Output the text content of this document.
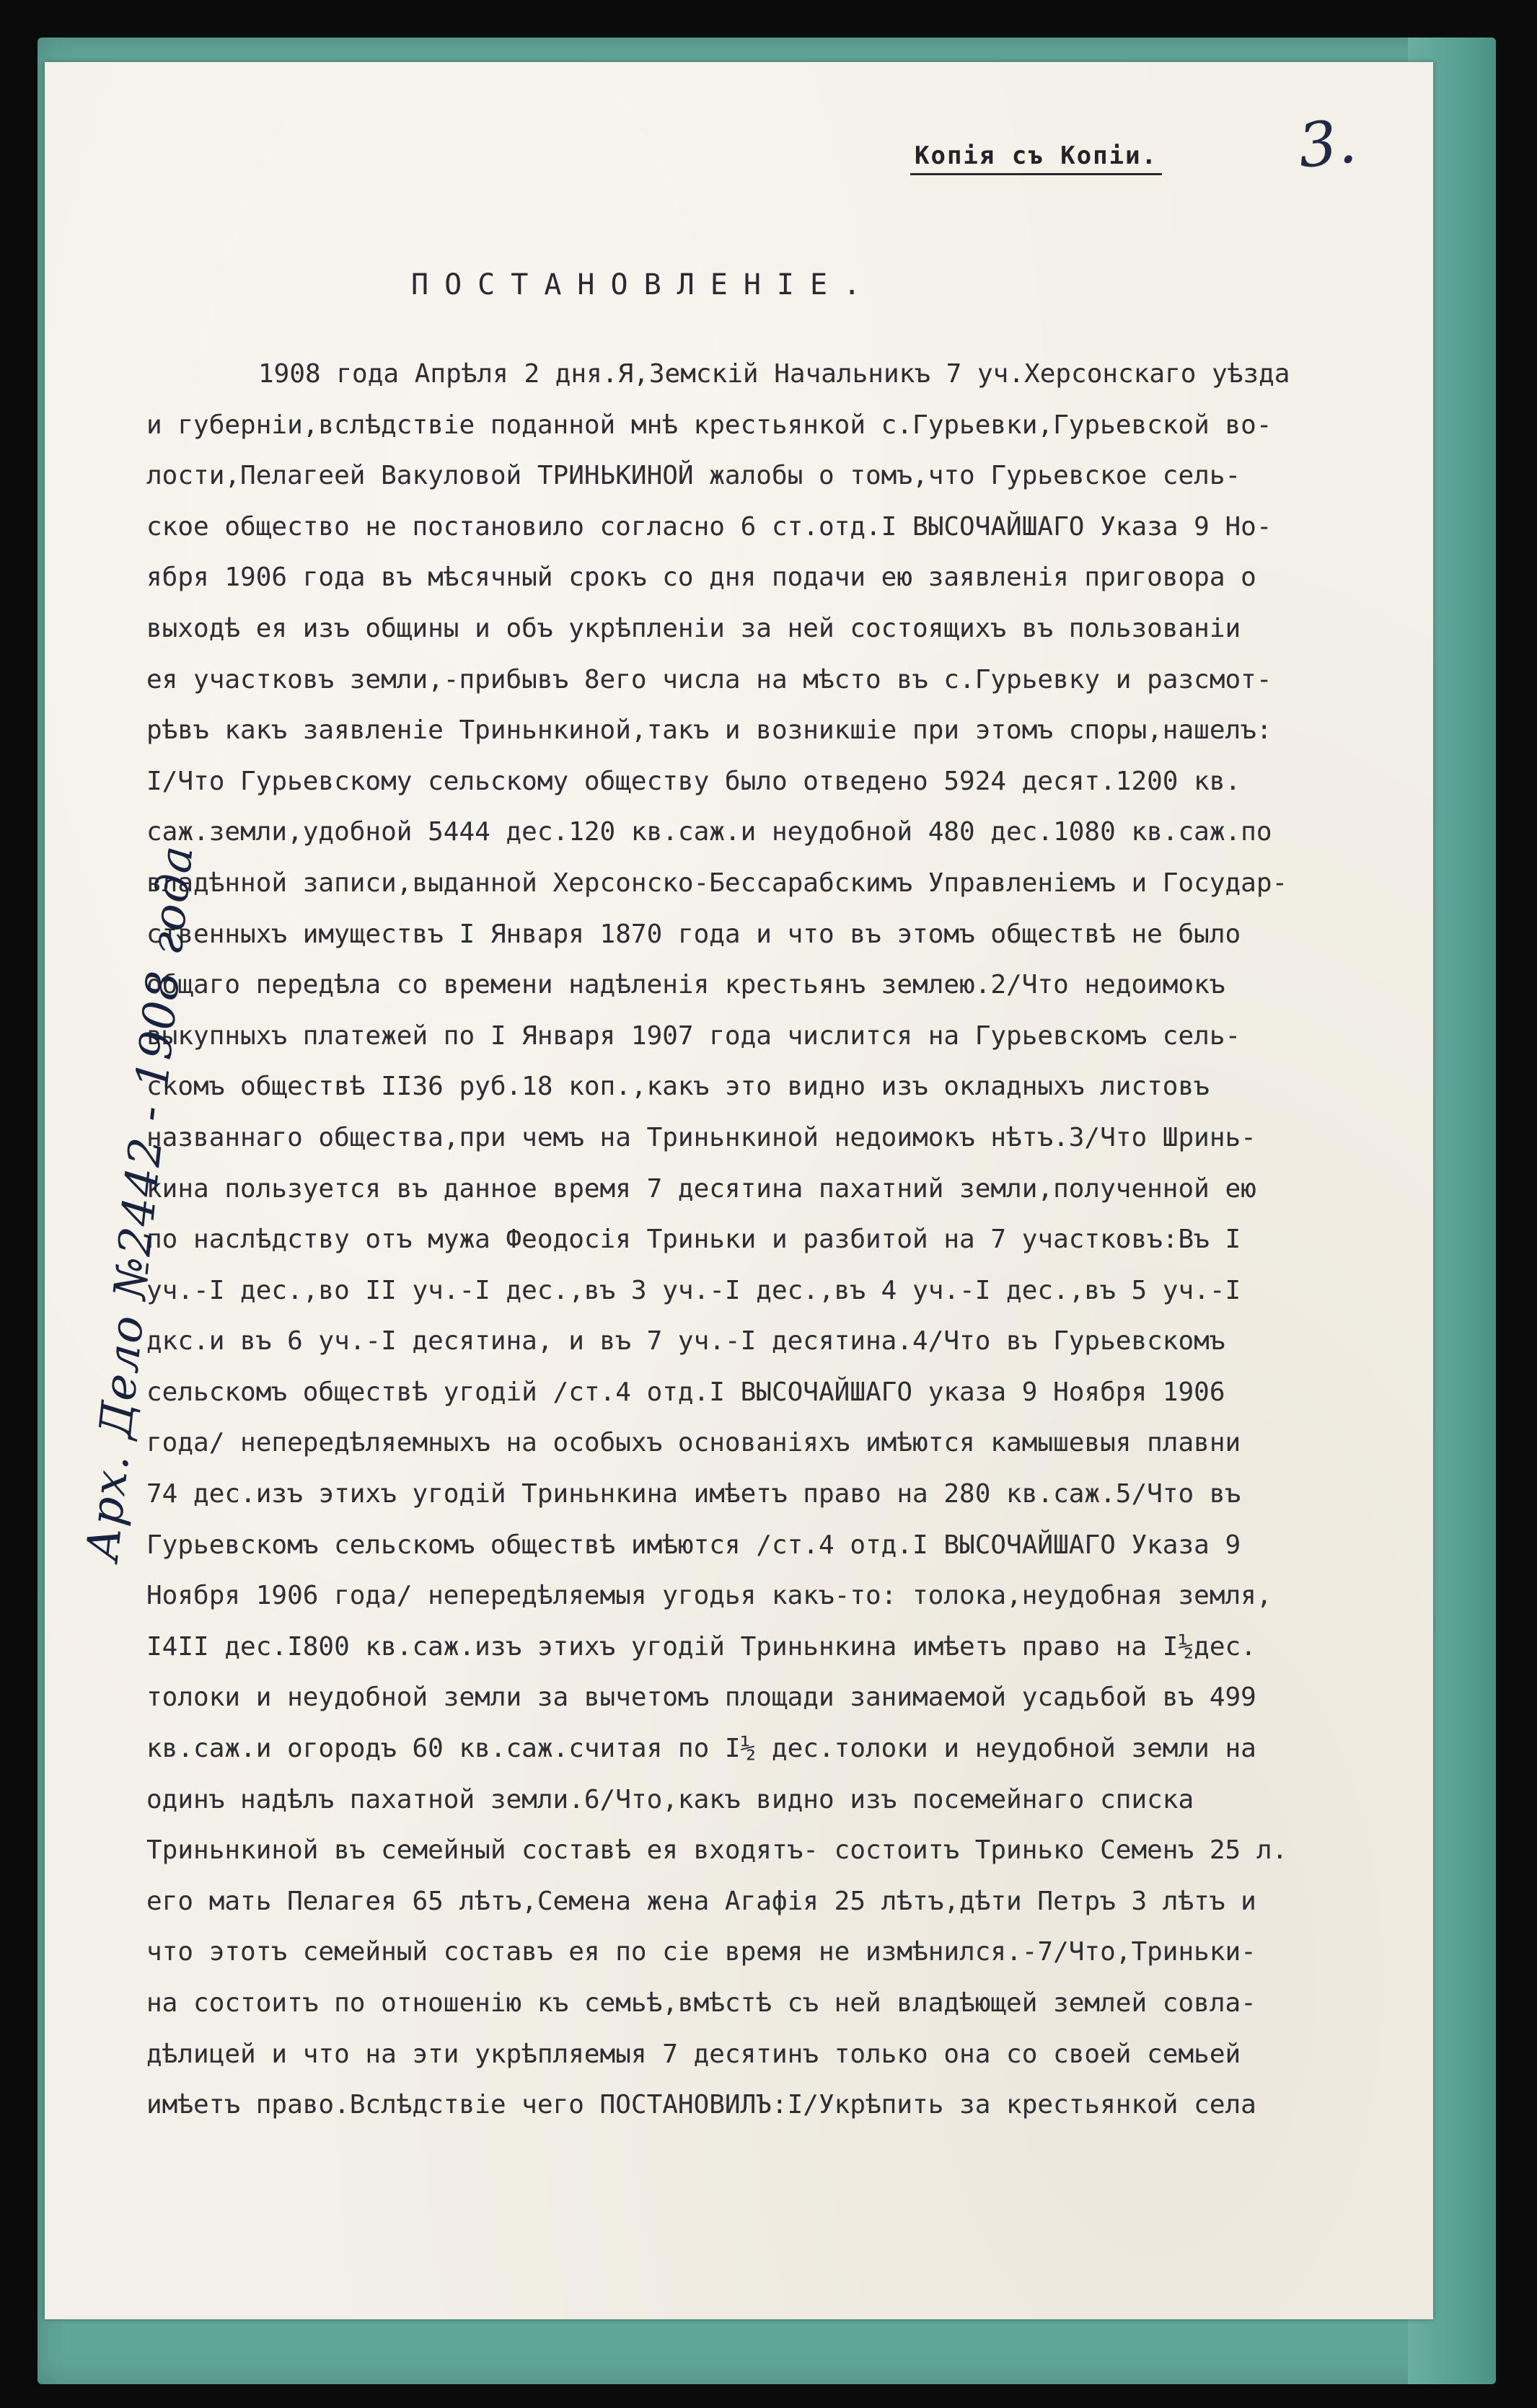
Копія съ Копіи.	3.
ПОСТАНОВЛЕНІЕ.
1908 года Апрѣля 2 дня.Я,Земскій Начальникъ 7 уч.Херсонскаго уѣзда
и губерніи,вслѣдствіе поданной мнѣ крестьянкой с.Гурьевки,Гурьевской во-
лости,Пелагеей Вакуловой ТРИНЬКИНОЙ жалобы о томъ,что Гурьевское сель-
ское общество не постановило согласно 6 ст.отд.I ВЫСОЧАЙШАГО Указа 9 Но-
ября 1906 года въ мѣсячный срокъ со дня подачи ею заявленія приговора о
выходѣ ея изъ общины и объ укрѣпленіи за ней состоящихъ въ пользованіи
ея участковъ земли,-прибывъ 8его числа на мѣсто въ с.Гурьевку и разсмот-
рѣвъ какъ заявленіе Триньнкиной,такъ и возникшіе при этомъ споры,нашелъ:
I/Что Гурьевскому сельскому обществу было отведено 5924 десят.1200 кв.
саж.земли,удобной 5444 дес.120 кв.саж.и неудобной 480 дес.1080 кв.саж.по
владѣнной записи,выданной Херсонско-Бессарабскимъ Управленіемъ и Государ-
ственныхъ имуществъ I Января 1870 года и что въ этомъ обществѣ не было
общаго передѣла со времени надѣленія крестьянъ землею.2/Что недоимокъ
выкупныхъ платежей по I Января 1907 года числится на Гурьевскомъ сель-
скомъ обществѣ II36 руб.18 коп.,какъ это видно изъ окладныхъ листовъ
названнаго общества,при чемъ на Триньнкиной недоимокъ нѣтъ.3/Что Шринь-
кина пользуется въ данное время 7 десятина пахатний земли,полученной ею
по наслѣдству отъ мужа Феодосія Триньки и разбитой на 7 участковъ:Въ I
уч.-I дес.,во II уч.-I дес.,въ 3 уч.-I дес.,въ 4 уч.-I дес.,въ 5 уч.-I
дкс.и въ 6 уч.-I десятина, и въ 7 уч.-I десятина.4/Что въ Гурьевскомъ
сельскомъ обществѣ угодій /ст.4 отд.I ВЫСОЧАЙШАГО указа 9 Ноября 1906
года/ непередѣляемныхъ на особыхъ основаніяхъ имѣются камышевыя плавни
74 дес.изъ этихъ угодій Триньнкина имѣетъ право на 280 кв.саж.5/Что въ
Гурьевскомъ сельскомъ обществѣ имѣются /ст.4 отд.I ВЫСОЧАЙШАГО Указа 9
Ноября 1906 года/ непередѣляемыя угодья какъ-то: толока,неудобная земля,
I4II дес.I800 кв.саж.изъ этихъ угодій Триньнкина имѣетъ право на I½дес.
толоки и неудобной земли за вычетомъ площади занимаемой усадьбой въ 499
кв.саж.и огородъ 60 кв.саж.считая по I½ дес.толоки и неудобной земли на
одинъ надѣлъ пахатной земли.6/Что,какъ видно изъ посемейнаго списка
Триньнкиной въ семейный составѣ ея входятъ- состоитъ Тринько Семенъ 25 л.
его мать Пелагея 65 лѣтъ,Семена жена Агафія 25 лѣтъ,дѣти Петръ 3 лѣтъ и
что этотъ семейный составъ ея по сіе время не измѣнился.-7/Что,Триньки-
на состоитъ по отношенію къ семьѣ,вмѣстѣ съ ней владѣющей землей совла-
дѣлицей и что на эти укрѣпляемыя 7 десятинъ только она со своей семьей
имѣетъ право.Вслѣдствіе чего ПОСТАНОВИЛЪ:I/Укрѣпить за крестьянкой села
Арх. Дело №2442 - 1908 года
